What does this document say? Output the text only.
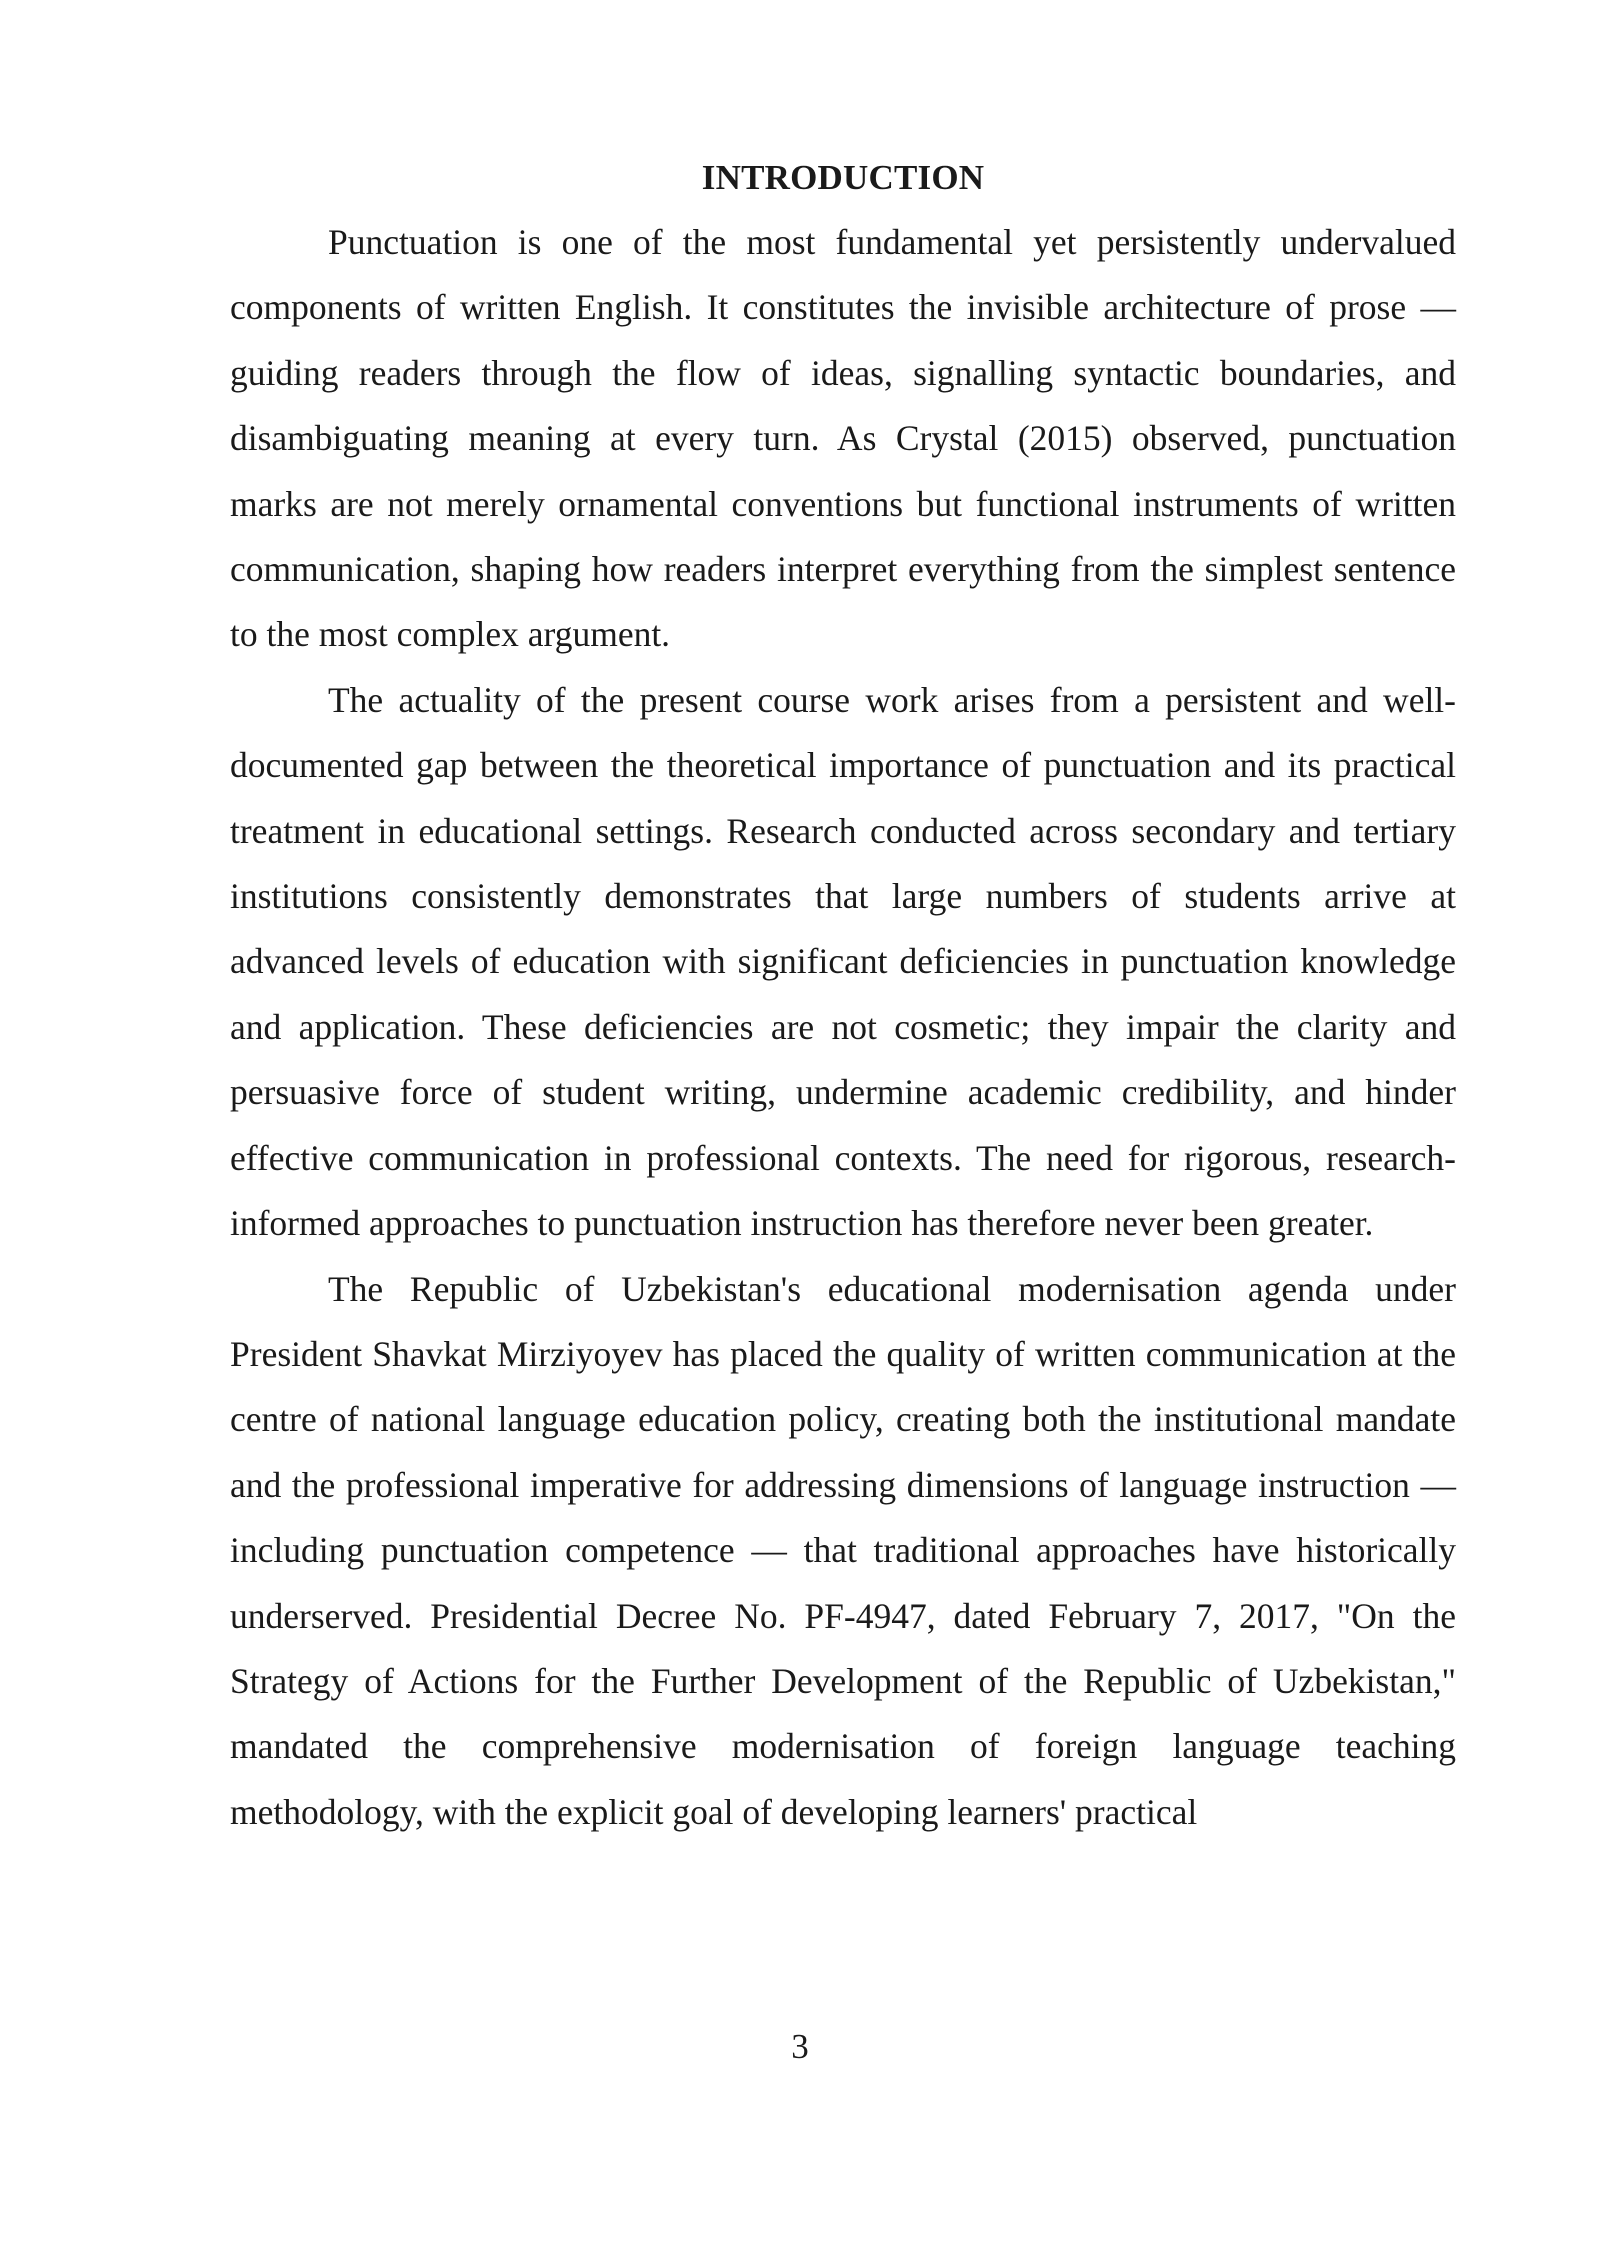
INTRODUCTION

Punctuation is one of the most fundamental yet persistently undervalued components of written English. It constitutes the invisible architecture of prose — guiding readers through the flow of ideas, signalling syntactic boundaries, and disambiguating meaning at every turn. As Crystal (2015) observed, punctuation marks are not merely ornamental conventions but functional instruments of written communication, shaping how readers interpret everything from the simplest sentence to the most complex argument.

The actuality of the present course work arises from a persistent and well-documented gap between the theoretical importance of punctuation and its practical treatment in educational settings. Research conducted across secondary and tertiary institutions consistently demonstrates that large numbers of students arrive at advanced levels of education with significant deficiencies in punctuation knowledge and application. These deficiencies are not cosmetic; they impair the clarity and persuasive force of student writing, undermine academic credibility, and hinder effective communication in professional contexts. The need for rigorous, research-informed approaches to punctuation instruction has therefore never been greater.

The Republic of Uzbekistan's educational modernisation agenda under President Shavkat Mirziyoyev has placed the quality of written communication at the centre of national language education policy, creating both the institutional mandate and the professional imperative for addressing dimensions of language instruction — including punctuation competence — that traditional approaches have historically underserved. Presidential Decree No. PF-4947, dated February 7, 2017, "On the Strategy of Actions for the Further Development of the Republic of Uzbekistan," mandated the comprehensive modernisation of foreign language teaching methodology, with the explicit goal of developing learners' practical

3
